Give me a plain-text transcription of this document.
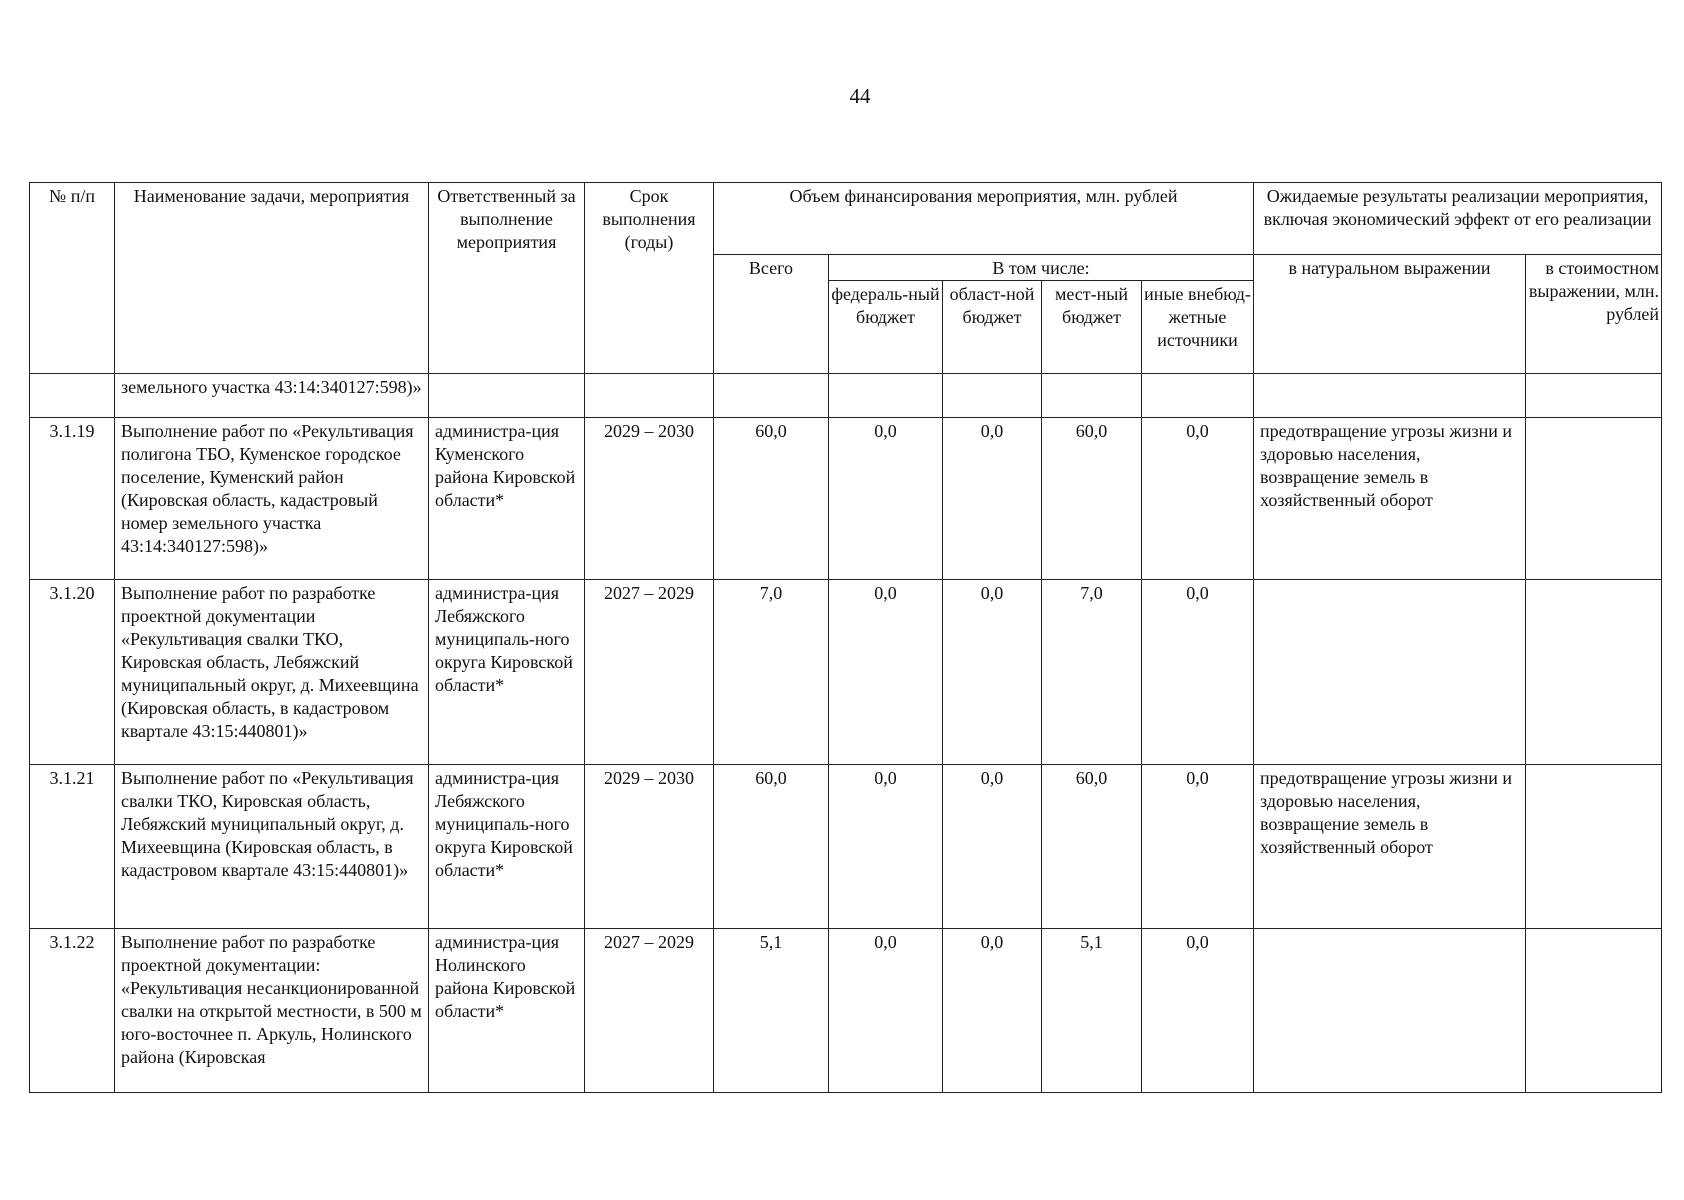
44
№ п/п	Наименование задачи, мероприятия	Ответственный за выполнение мероприятия	Срок выполнения (годы)	Объем финансирования мероприятия, млн. рублей					Ожидаемые результаты реализации мероприятия, включая экономический эффект от его реализации	
				Всего	В том числе:				в натуральном выражении	в стоимостном выражении, млн. рублей
					федераль-ный бюджет	област-ной бюджет	мест-ный бюджет	иные внебюд-жетные источники		
	земельного участка 43:14:340127:598)»									
3.1.19	Выполнение работ по «Рекультивация полигона ТБО, Куменское городское поселение, Куменский район (Кировская область, кадастровый номер земельного участка 43:14:340127:598)»	администра-ция Куменского района Кировской области*	2029 – 2030	60,0	0,0	0,0	60,0	0,0	предотвращение угрозы жизни и здоровью населения, возвращение земель в хозяйственный оборот	
3.1.20	Выполнение работ по разработке проектной документации «Рекультивация свалки ТКО, Кировская область, Лебяжский муниципальный округ, д. Михеевщина (Кировская область, в кадастровом квартале 43:15:440801)»	администра-ция Лебяжского муниципаль-ного округа Кировской области*	2027 – 2029	7,0	0,0	0,0	7,0	0,0		
3.1.21	Выполнение работ по «Рекультивация свалки ТКО, Кировская область, Лебяжский муниципальный округ, д. Михеевщина (Кировская область, в кадастровом квартале 43:15:440801)»	администра-ция Лебяжского муниципаль-ного округа Кировской области*	2029 – 2030	60,0	0,0	0,0	60,0	0,0	предотвращение угрозы жизни и здоровью населения, возвращение земель в хозяйственный оборот	
3.1.22	Выполнение работ по разработке проектной документации: «Рекультивация несанкционированной свалки на открытой местности, в 500 м юго-восточнее п. Аркуль, Нолинского района (Кировская	администра-ция Нолинского района Кировской области*	2027 – 2029	5,1	0,0	0,0	5,1	0,0		
